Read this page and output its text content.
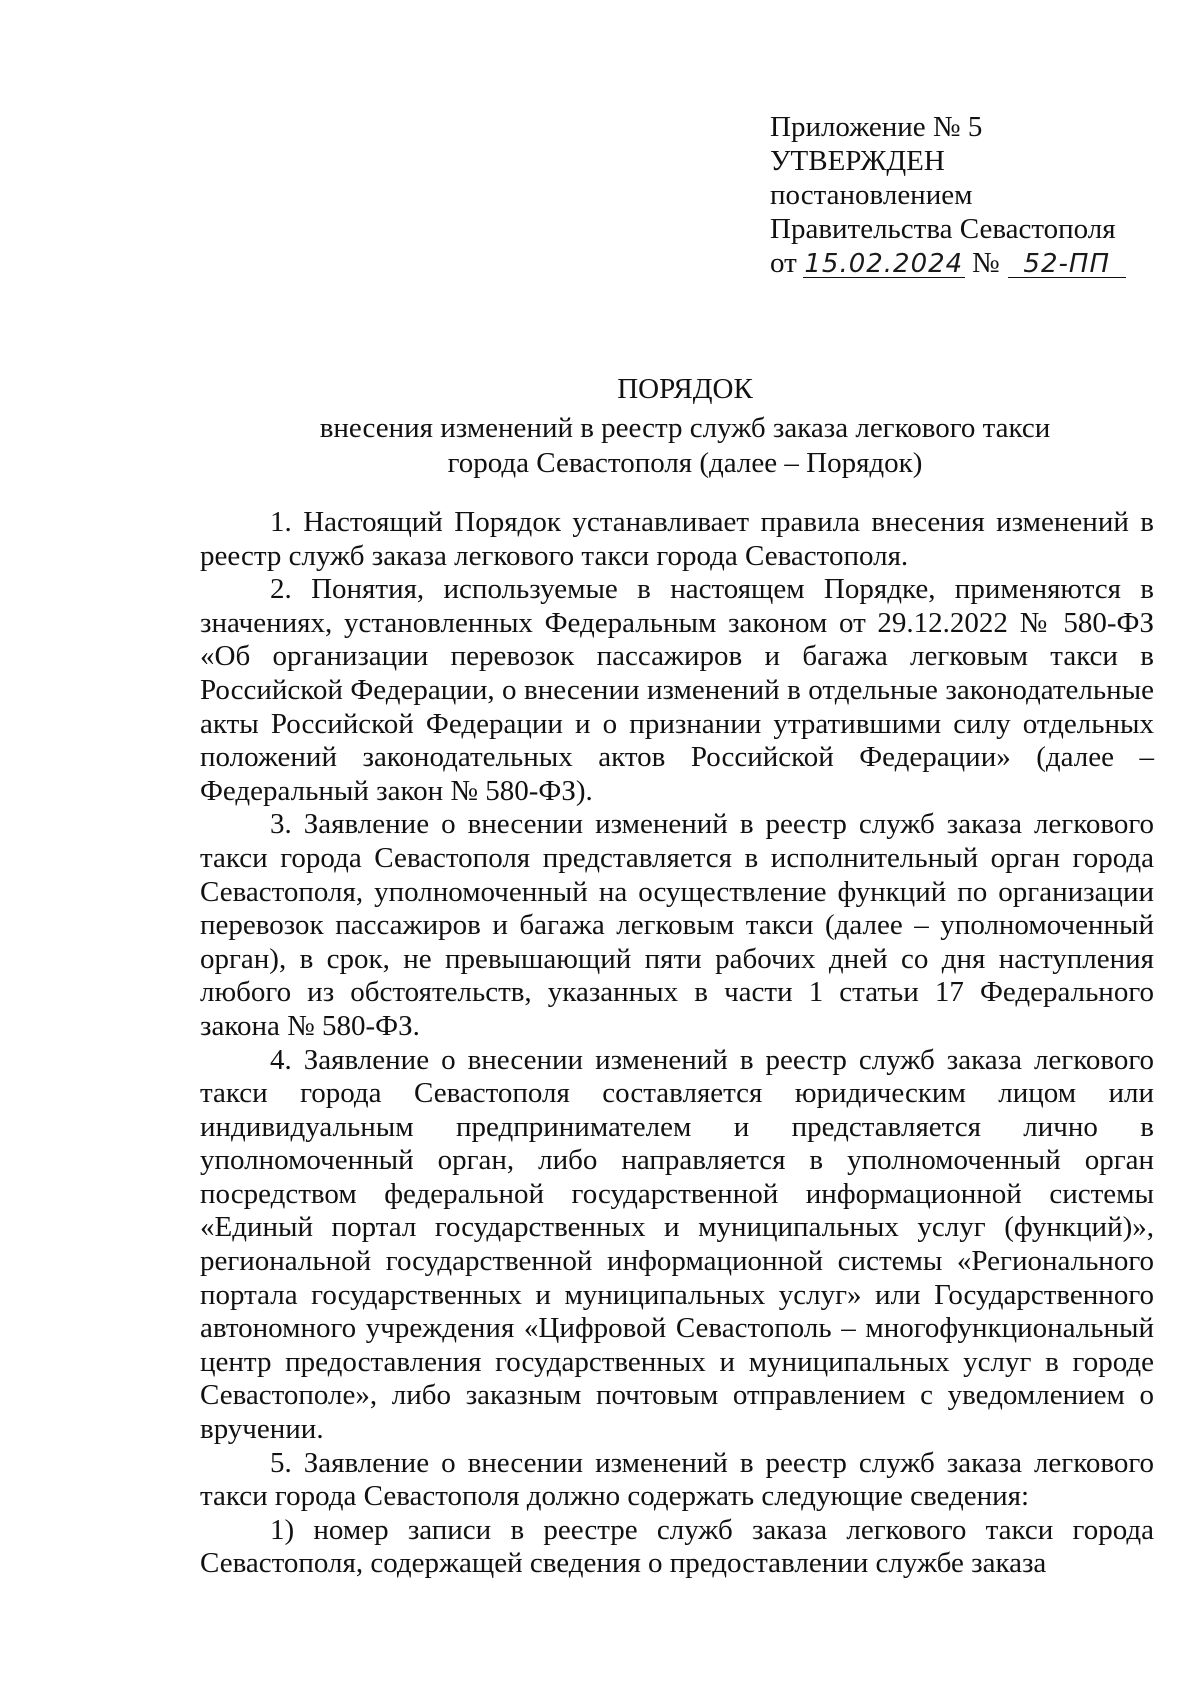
Приложение № 5
УТВЕРЖДЕН
постановлением
Правительства Севастополя
от 15.02.2024 № 52-ПП
ПОРЯДОК
внесения изменений в реестр служб заказа легкового такси
города Севастополя (далее – Порядок)

1. Настоящий Порядок устанавливает правила внесения изменений в реестр служб заказа легкового такси города Севастополя.

2. Понятия, используемые в настоящем Порядке, применяются в значениях, установленных Федеральным законом от 29.12.2022 № 580-ФЗ «Об организации перевозок пассажиров и багажа легковым такси в Российской Федерации, о внесении изменений в отдельные законодательные акты Российской Федерации и о признании утратившими силу отдельных положений законодательных актов Российской Федерации» (далее – Федеральный закон № 580-ФЗ).

3. Заявление о внесении изменений в реестр служб заказа легкового такси города Севастополя представляется в исполнительный орган города Севастополя, уполномоченный на осуществление функций по организации перевозок пассажиров и багажа легковым такси (далее – уполномоченный орган), в срок, не превышающий пяти рабочих дней со дня наступления любого из обстоятельств, указанных в части 1 статьи 17 Федерального закона № 580-ФЗ.

4. Заявление о внесении изменений в реестр служб заказа легкового такси города Севастополя составляется юридическим лицом или индивидуальным предпринимателем и представляется лично в уполномоченный орган, либо направляется в уполномоченный орган посредством федеральной государственной информационной системы «Единый портал государственных и муниципальных услуг (функций)», региональной государственной информационной системы «Регионального портала государственных и муниципальных услуг» или Государственного автономного учреждения «Цифровой Севастополь – многофункциональный центр предоставления государственных и муниципальных услуг в городе Севастополе», либо заказным почтовым отправлением с уведомлением о вручении.

5. Заявление о внесении изменений в реестр служб заказа легкового такси города Севастополя должно содержать следующие сведения:

1) номер записи в реестре служб заказа легкового такси города Севастополя, содержащей сведения о предоставлении службе заказа
